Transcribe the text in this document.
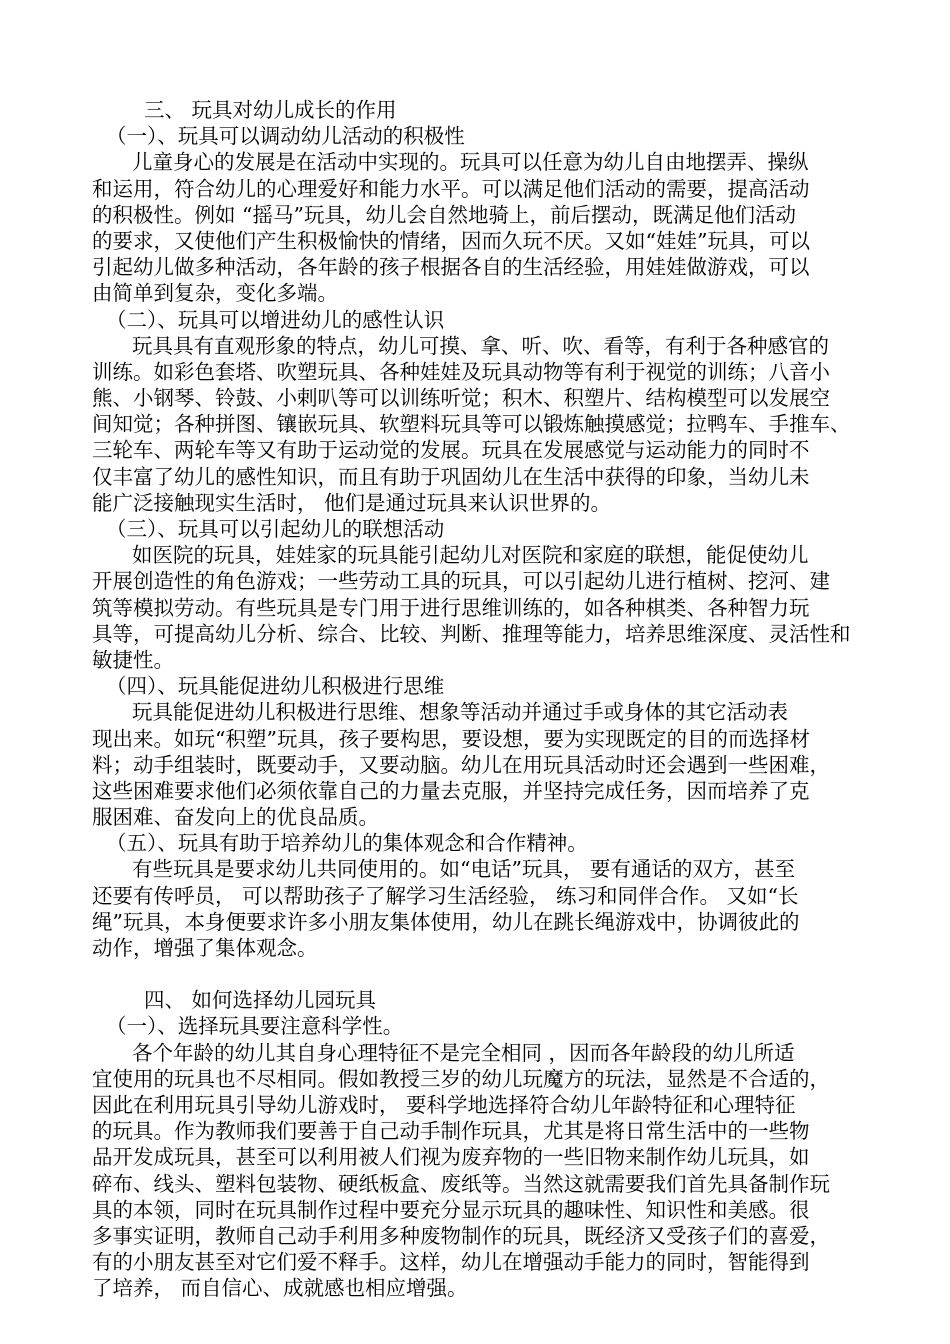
三、 玩具对幼儿成长的作用
（一）、玩具可以调动幼儿活动的积极性
儿童身心的发展是在活动中实现的。玩具可以任意为幼儿自由地摆弄、操纵
和运用，符合幼儿的心理爱好和能力水平。可以满足他们活动的需要，提高活动
的积极性。例如 “摇马”玩具，幼儿会自然地骑上，前后摆动，既满足他们活动
的要求，又使他们产生积极愉快的情绪，因而久玩不厌。又如“娃娃”玩具，可以
引起幼儿做多种活动，各年龄的孩子根据各自的生活经验，用娃娃做游戏，可以
由简单到复杂，变化多端。
（二）、玩具可以增进幼儿的感性认识
玩具具有直观形象的特点，幼儿可摸、拿、听、吹、看等，有利于各种感官的
训练。如彩色套塔、吹塑玩具、各种娃娃及玩具动物等有利于视觉的训练；八音小
熊、小钢琴、铃鼓、小剌叭等可以训练听觉；积木、积塑片、结构模型可以发展空
间知觉；各种拼图、镶嵌玩具、软塑料玩具等可以锻炼触摸感觉；拉鸭车、手推车、
三轮车、两轮车等又有助于运动觉的发展。玩具在发展感觉与运动能力的同时不
仅丰富了幼儿的感性知识，而且有助于巩固幼儿在生活中获得的印象，当幼儿未
能广泛接触现实生活时， 他们是通过玩具来认识世界的。
（三）、玩具可以引起幼儿的联想活动
如医院的玩具，娃娃家的玩具能引起幼儿对医院和家庭的联想，能促使幼儿
开展创造性的角色游戏；一些劳动工具的玩具，可以引起幼儿进行植树、挖河、建
筑等模拟劳动。有些玩具是专门用于进行思维训练的，如各种棋类、各种智力玩
具等，可提高幼儿分析、综合、比较、判断、推理等能力，培养思维深度、灵活性和
敏捷性。
（四）、玩具能促进幼儿积极进行思维
玩具能促进幼儿积极进行思维、想象等活动并通过手或身体的其它活动表
现出来。如玩“积塑”玩具，孩子要构思，要设想，要为实现既定的目的而选择材
料；动手组装时，既要动手，又要动脑。幼儿在用玩具活动时还会遇到一些困难，
这些困难要求他们必须依靠自己的力量去克服，并坚持完成任务，因而培养了克
服困难、奋发向上的优良品质。
（五）、玩具有助于培养幼儿的集体观念和合作精神。
有些玩具是要求幼儿共同使用的。如“电话”玩具， 要有通话的双方，甚至
还要有传呼员， 可以帮助孩子了解学习生活经验， 练习和同伴合作。 又如“长
绳”玩具，本身便要求许多小朋友集体使用，幼儿在跳长绳游戏中，协调彼此的
动作，增强了集体观念。
四、 如何选择幼儿园玩具
（一）、选择玩具要注意科学性。
各个年龄的幼儿其自身心理特征不是完全相同 ，因而各年龄段的幼儿所适
宜使用的玩具也不尽相同。假如教授三岁的幼儿玩魔方的玩法，显然是不合适的，
因此在利用玩具引导幼儿游戏时， 要科学地选择符合幼儿年龄特征和心理特征
的玩具。作为教师我们要善于自己动手制作玩具，尤其是将日常生活中的一些物
品开发成玩具，甚至可以利用被人们视为废弃物的一些旧物来制作幼儿玩具，如
碎布、线头、塑料包装物、硬纸板盒、废纸等。当然这就需要我们首先具备制作玩
具的本领，同时在玩具制作过程中要充分显示玩具的趣味性、知识性和美感。很
多事实证明，教师自己动手利用多种废物制作的玩具，既经济又受孩子们的喜爱，
有的小朋友甚至对它们爱不释手。这样，幼儿在增强动手能力的同时，智能得到
了培养， 而自信心、成就感也相应增强。
